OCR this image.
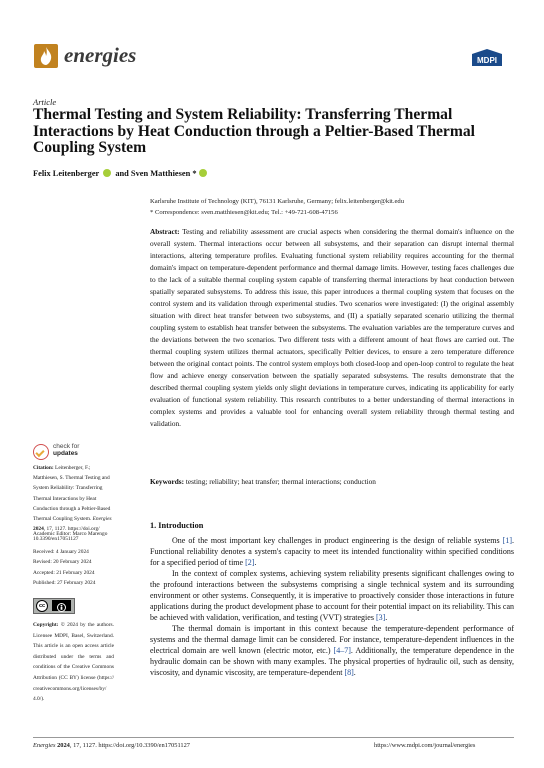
energies	MDPI
Article
Thermal Testing and System Reliability: Transferring Thermal Interactions by Heat Conduction through a Peltier-Based Thermal Coupling System
Felix Leitenberger and Sven Matthiesen *
Karlsruhe Institute of Technology (KIT), 76131 Karlsruhe, Germany; felix.leitenberger@kit.edu
* Correspondence: sven.matthiesen@kit.edu; Tel.: +49-721-608-47156
Abstract: Testing and reliability assessment are crucial aspects when considering the thermal domain's influence on the overall system. Thermal interactions occur between all subsystems, and their separation can disrupt internal thermal interactions, altering temperature profiles. Evaluating functional system reliability requires accounting for the thermal domain's impact on temperature-dependent performance and thermal damage limits. However, testing faces challenges due to the lack of a suitable thermal coupling system capable of transferring thermal interactions by heat conduction between spatially separated subsystems. To address this issue, this paper introduces a thermal coupling system that focuses on the control system and its validation through experimental studies. Two scenarios were investigated: (I) the original assembly situation with direct heat transfer between two subsystems, and (II) a spatially separated scenario utilizing the thermal coupling system to establish heat transfer between the subsystems. The evaluation variables are the temperature curves and the deviations between the two scenarios. Two different tests with a different amount of heat flows are carried out. The thermal coupling system utilizes thermal actuators, specifically Peltier devices, to ensure a zero temperature difference between the original contact points. The control system employs both closed-loop and open-loop control to regulate the heat flow and achieve energy conservation between the spatially separated subsystems. The results demonstrate that the described thermal coupling system yields only slight deviations in temperature curves, indicating its applicability for early evaluation of functional system reliability. This research contributes to a better understanding of thermal interactions in complex systems and provides a valuable tool for enhancing overall system reliability through thermal testing and validation.
Keywords: testing; reliability; heat transfer; thermal interactions; conduction
check for
updates
Citation: Leitenberger, F.; Matthiesen, S. Thermal Testing and System Reliability: Transferring Thermal Interactions by Heat Conduction through a Peltier-Based Thermal Coupling System. Energies 2024, 17, 1127. https://doi.org/ 10.3390/en17051127
Academic Editor: Marco Marengo
Received: 4 January 2024
Revised: 20 February 2024
Accepted: 21 February 2024
Published: 27 February 2024
cc
Copyright: © 2024 by the authors. Licensee MDPI, Basel, Switzerland. This article is an open access article distributed under the terms and conditions of the Creative Commons Attribution (CC BY) license (https:// creativecommons.org/licenses/by/ 4.0/).
1. Introduction

One of the most important key challenges in product engineering is the design of reliable systems [1]. Functional reliability denotes a system's capacity to meet its intended functionality within specified conditions for a specified period of time [2].

In the context of complex systems, achieving system reliability presents significant challenges owing to the profound interactions between the subsystems comprising a single technical system and its surrounding environment or other systems. Consequently, it is imperative to proactively consider those interactions in future applications during the product development phase to account for their potential impact on its reliability. This can be achieved with validation, verification, and testing (VVT) strategies [3].

The thermal domain is important in this context because the temperature-dependent performance of systems and the thermal damage limit can be considered. For instance, temperature-dependent influences in the electrical domain are well known (electric motor, etc.) [4–7]. Additionally, the temperature dependence in the hydraulic domain can be shown with many examples. The physical properties of hydraulic oil, such as density, viscosity, and dynamic viscosity, are temperature-dependent [8].

Energies 2024, 17, 1127. https://doi.org/10.3390/en17051127	https://www.mdpi.com/journal/energies
